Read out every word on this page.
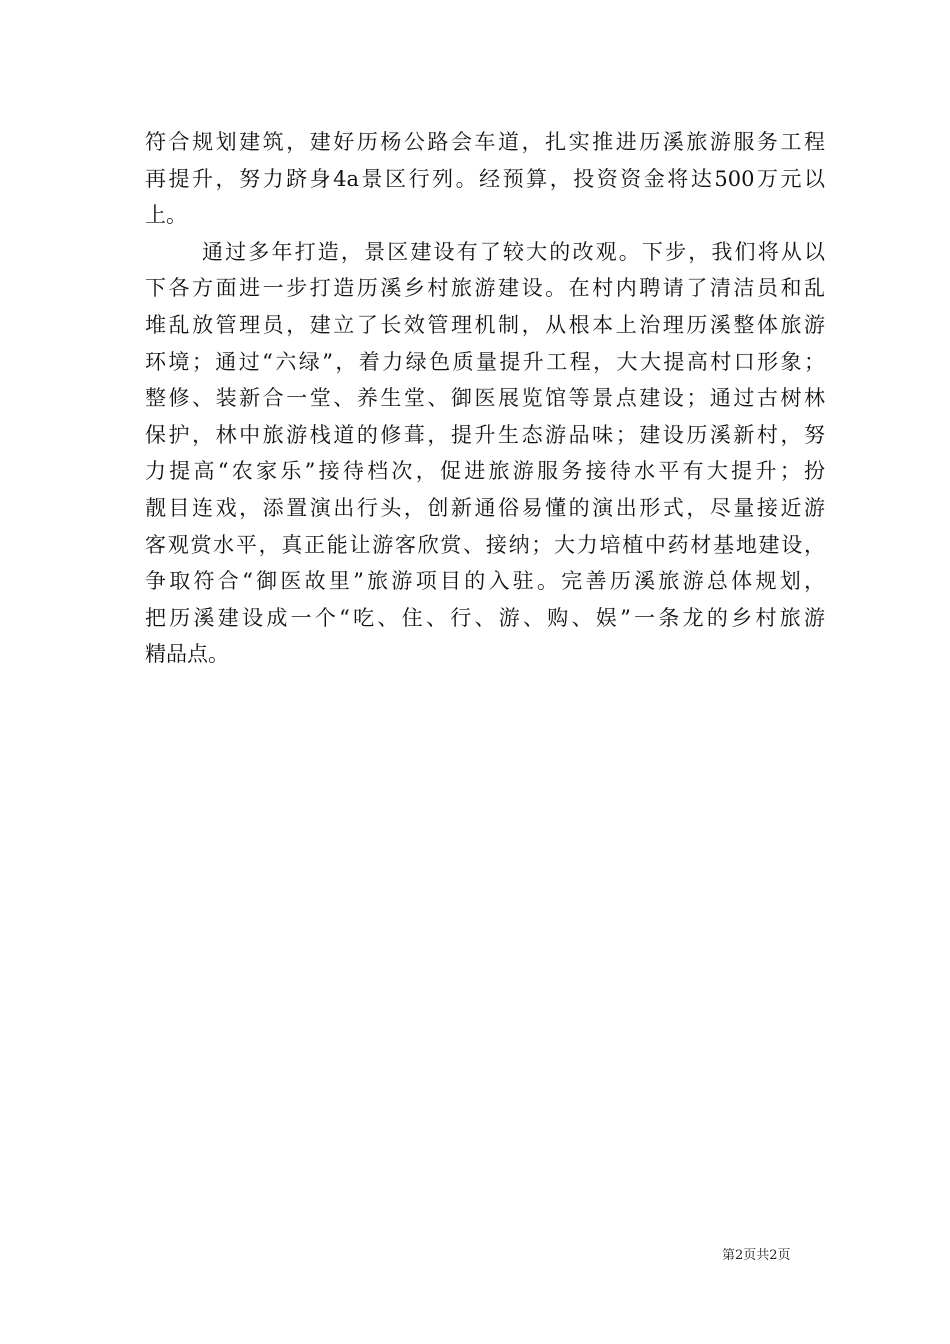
符合规划建筑，建好历杨公路会车道，扎实推进历溪旅游服务工程
再提升，努力跻身4a景区行列。经预算，投资资金将达500万元以
上。
通过多年打造，景区建设有了较大的改观。下步，我们将从以
下各方面进一步打造历溪乡村旅游建设。在村内聘请了清洁员和乱
堆乱放管理员，建立了长效管理机制，从根本上治理历溪整体旅游
环境；通过“六绿”，着力绿色质量提升工程，大大提高村口形象；
整修、装新合一堂、养生堂、御医展览馆等景点建设；通过古树林
保护，林中旅游栈道的修葺，提升生态游品味；建设历溪新村，努
力提高“农家乐”接待档次，促进旅游服务接待水平有大提升；扮
靓目连戏，添置演出行头，创新通俗易懂的演出形式，尽量接近游
客观赏水平，真正能让游客欣赏、接纳；大力培植中药材基地建设，
争取符合“御医故里”旅游项目的入驻。完善历溪旅游总体规划，
把历溪建设成一个“吃、住、行、游、购、娱”一条龙的乡村旅游
精品点。
第2页共2页
